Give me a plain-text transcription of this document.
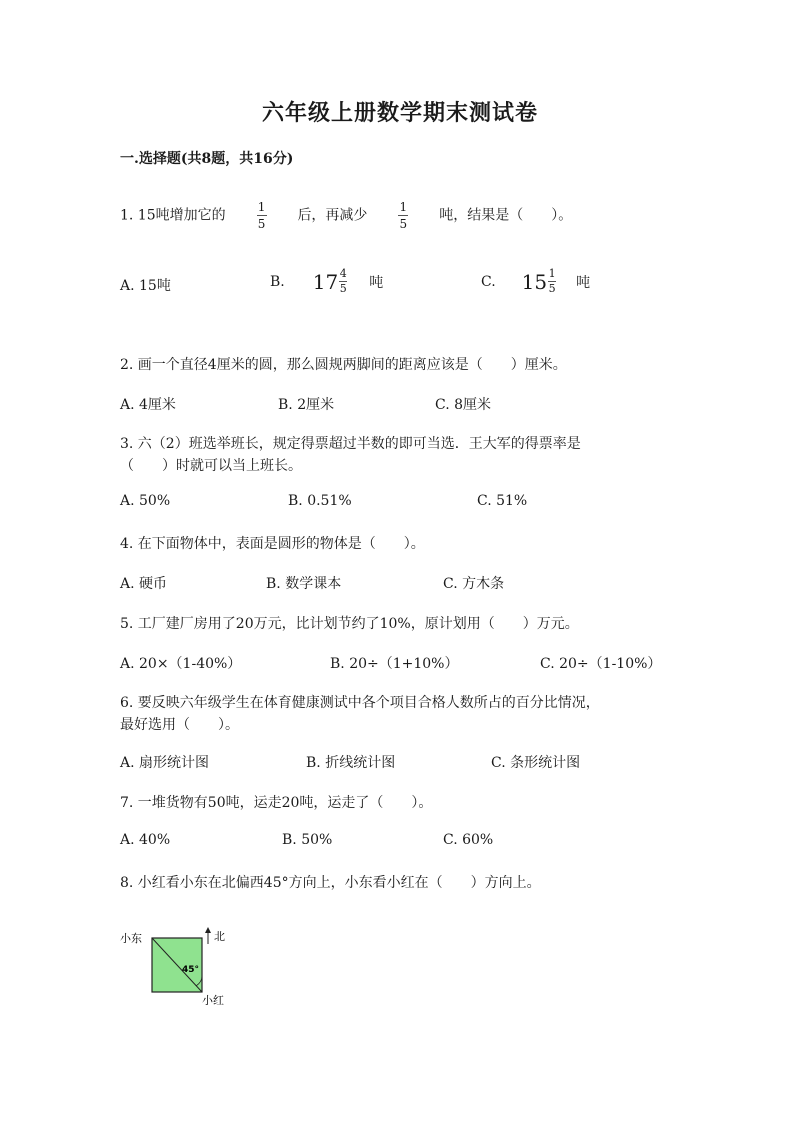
六年级上册数学期末测试卷
一.选择题(共8题，共16分)
1. 15吨增加它的	$\frac{1}{5}$ 后，再减少	$\frac{1}{5}$ 吨，结果是（　　）。
A. 15吨	B. $17 \frac{4}{5}$ 吨	C. $15 \frac{1}{5}$ 吨
2. 画一个直径4厘米的圆，那么圆规两脚间的距离应该是（　　）厘米。
A. 4厘米	B. 2厘米	C. 8厘米
3. 六（2）班选举班长，规定得票超过半数的即可当选．王大军的得票率是
（　　）时就可以当上班长。
A. 50%	B. 0.51%	C. 51%
4. 在下面物体中，表面是圆形的物体是（　　）。
A. 硬币	B. 数学课本	C. 方木条
5. 工厂建厂房用了20万元，比计划节约了10%，原计划用（　　）万元。
A. 20×（1-40%）	B. 20÷（1+10%）	C. 20÷（1-10%）
6. 要反映六年级学生在体育健康测试中各个项目合格人数所占的百分比情况，
最好选用（　　）。
A. 扇形统计图	B. 折线统计图	C. 条形统计图
7. 一堆货物有50吨，运走20吨，运走了（　　）。
A. 40%	B. 50%	C. 60%
8. 小红看小东在北偏西45°方向上，小东看小红在（　　）方向上。
小东	北
45°
小红
